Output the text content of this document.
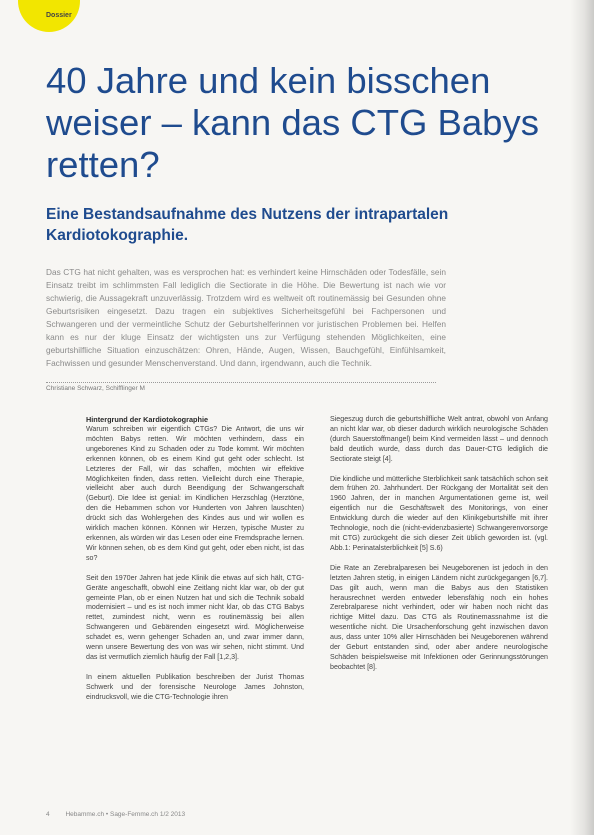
Dossier
40 Jahre und kein bisschen
weiser – kann das CTG Babys
retten?
Eine Bestandsaufnahme des Nutzens der intrapartalen
Kardiotokographie.

Das CTG hat nicht gehalten, was es versprochen hat: es verhindert keine Hirnschäden oder Todesfälle, sein Einsatz treibt im schlimmsten Fall lediglich die Sectiorate in die Höhe. Die Bewertung ist nach wie vor schwierig, die Aussagekraft unzuverlässig. Trotzdem wird es weltweit oft routinemässig bei Gesunden ohne Geburtsrisiken eingesetzt. Dazu tragen ein subjektives Sicherheitsgefühl bei Fachpersonen und Schwangeren und der vermeintliche Schutz der Geburtshelferinnen vor juristischen Problemen bei. Helfen kann es nur der kluge Einsatz der wichtigsten uns zur Verfügung stehenden Möglichkeiten, eine geburtshilfliche Situation einzuschätzen: Ohren, Hände, Augen, Wissen, Bauchgefühl, Einfühlsamkeit, Fachwissen und gesunder Menschenverstand. Und dann, irgendwann, auch die Technik.

Christiane Schwarz, Schifflinger M
Hintergrund der Kardiotokographie

Warum schreiben wir eigentlich CTGs? Die Antwort, die uns wir möchten Babys retten. Wir möchten verhindern, dass ein ungeborenes Kind zu Schaden oder zu Tode kommt. Wir möchten erkennen können, ob es einem Kind gut geht oder schlecht. Ist Letzteres der Fall, wir das schaffen, möchten wir effektive Möglichkeiten finden, dass retten. Vielleicht durch eine Therapie, vielleicht aber auch durch Beendigung der Schwangerschaft (Geburt). Die Idee ist genial: im Kindlichen Herzschlag (Herztöne, den die Hebammen schon vor Hunderten von Jahren lauschten) drückt sich das Wohlergehen des Kindes aus und wir wollen es wirklich machen können. Können wir Herzen, typische Muster zu erkennen, als würden wir das Lesen oder eine Fremdsprache lernen. Wir können sehen, ob es dem Kind gut geht, oder eben nicht, ist das so?

Seit den 1970er Jahren hat jede Klinik die etwas auf sich hält, CTG-Geräte angeschafft, obwohl eine Zeitlang nicht klar war, ob der gut gemeinte Plan, ob er einen Nutzen hat und sich die Technik sobald modernisiert – und es ist noch immer nicht klar, ob das CTG Babys rettet, zumindest nicht, wenn es routinemässig bei allen Schwangeren und Gebärenden eingesetzt wird. Möglicherweise schadet es, wenn gehenger Schaden an, und zwar immer dann, wenn unsere Bewertung des von was wir sehen, nicht stimmt. Und das ist vermutlich ziemlich häufig der Fall [1,2,3].

In einem aktuellen Publikation beschreiben der Jurist Thomas Schwerk und der forensische Neurologe James Johnston, eindrucksvoll, wie die CTG-Technologie ihren

Siegeszug durch die geburtshilfliche Welt antrat, obwohl von Anfang an nicht klar war, ob dieser dadurch wirklich neurologische Schäden (durch Sauerstoffmangel) beim Kind vermeiden lässt – und dennoch bald deutlich wurde, dass durch das Dauer-CTG lediglich die Sectiorate steigt [4].

Die kindliche und mütterliche Sterblichkeit sank tatsächlich schon seit dem frühen 20. Jahrhundert. Der Rückgang der Mortalität seit den 1960 Jahren, der in manchen Argumentationen gerne ist, weil eigentlich nur die Geschäftswelt des Monitorings, von einer Entwicklung durch die wieder auf den Klinikgeburtshilfe mit ihrer Technologie, noch die (nicht-evidenzbasierte) Schwangerenvorsorge mit CTG) zurückgeht die sich dieser Zeit üblich geworden ist. (vgl. Abb.1: Perinatalsterblichkeit [5] S.6)

Die Rate an Zerebralparesen bei Neugeborenen ist jedoch in den letzten Jahren stetig, in einigen Ländern nicht zurückgegangen [6,7]. Das gilt auch, wenn man die Babys aus den Statistiken herausrechnet werden entweder lebensfähig noch ein hohes Zerebralparese nicht verhindert, oder wir haben noch nicht das richtige Mittel dazu. Das CTG als Routinemassnahme ist die wesentliche nicht. Die Ursachenforschung geht inzwischen davon aus, dass unter 10% aller Hirnschäden bei Neugeborenen während der Geburt entstanden sind, oder aber andere neurologische Schäden beispielsweise mit Infektionen oder Gerinnungsstörungen beobachtet [8].

4 Hebamme.ch • Sage-Femme.ch 1/2 2013
